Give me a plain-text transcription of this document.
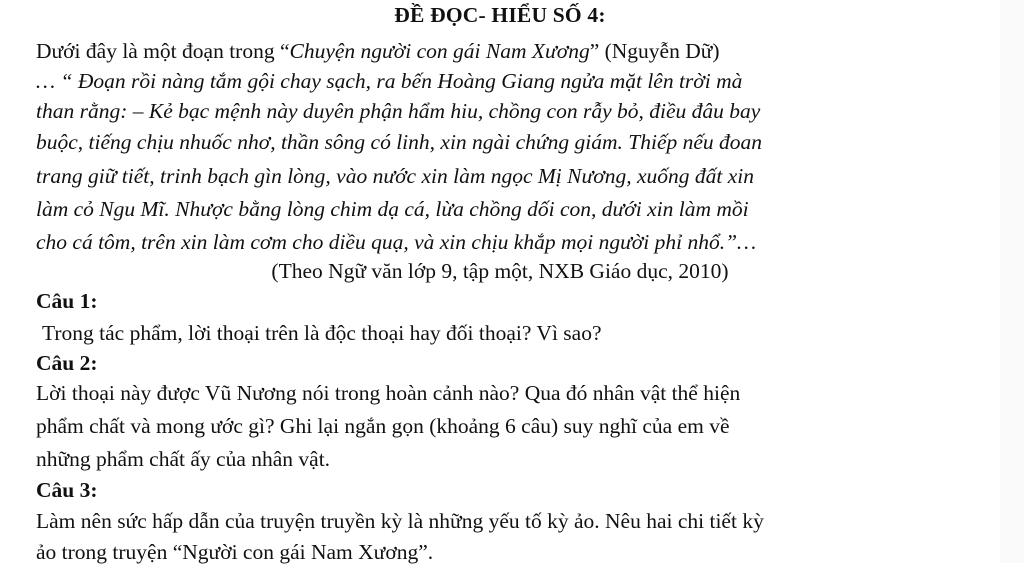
ĐỀ ĐỌC- HIỂU SỐ 4:
Dưới đây là một đoạn trong “Chuyện người con gái Nam Xương” (Nguyễn Dữ)
… “ Đoạn rồi nàng tắm gội chay sạch, ra bến Hoàng Giang ngửa mặt lên trời mà
than rằng: – Kẻ bạc mệnh này duyên phận hẩm hiu, chồng con rẫy bỏ, điều đâu bay
buộc, tiếng chịu nhuốc nhơ, thần sông có linh, xin ngài chứng giám. Thiếp nếu đoan
trang giữ tiết, trinh bạch gìn lòng, vào nước xin làm ngọc Mị Nương, xuống đất xin
làm cỏ Ngu Mĩ. Nhược bằng lòng chim dạ cá, lừa chồng dối con, dưới xin làm mồi
cho cá tôm, trên xin làm cơm cho diều quạ, và xin chịu khắp mọi người phỉ nhổ.”…
(Theo Ngữ văn lớp 9, tập một, NXB Giáo dục, 2010)
Câu 1:
Trong tác phẩm, lời thoại trên là độc thoại hay đối thoại? Vì sao?
Câu 2:
Lời thoại này được Vũ Nương nói trong hoàn cảnh nào? Qua đó nhân vật thể hiện
phẩm chất và mong ước gì? Ghi lại ngắn gọn (khoảng 6 câu) suy nghĩ của em về
những phẩm chất ấy của nhân vật.
Câu 3:
Làm nên sức hấp dẫn của truyện truyền kỳ là những yếu tố kỳ ảo. Nêu hai chi tiết kỳ
ảo trong truyện “Người con gái Nam Xương”.
